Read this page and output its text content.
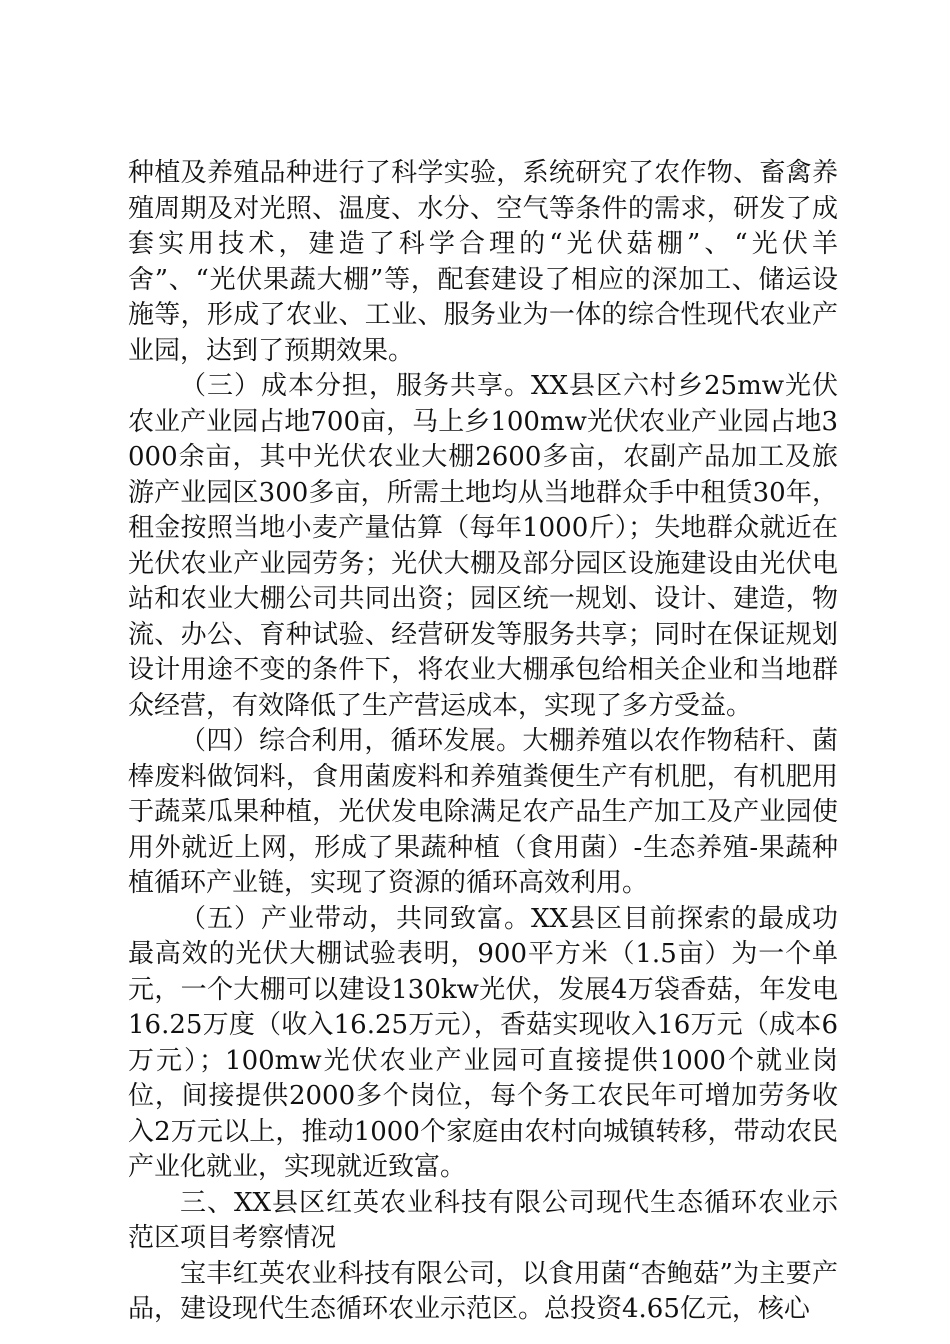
种植及养殖品种进行了科学实验，系统研究了农作物、畜禽养殖周期及对光照、温度、水分、空气等条件的需求，研发了成套实用技术，建造了科学合理的“光伏菇棚”、“光伏羊舍”、“光伏果蔬大棚”等，配套建设了相应的深加工、储运设施等，形成了农业、工业、服务业为一体的综合性现代农业产业园，达到了预期效果。

（三）成本分担，服务共享。XX县区六村乡25mw光伏农业产业园占地700亩，马上乡100mw光伏农业产业园占地3000余亩，其中光伏农业大棚2600多亩，农副产品加工及旅游产业园区300多亩，所需土地均从当地群众手中租赁30年，租金按照当地小麦产量估算（每年1000斤）；失地群众就近在光伏农业产业园劳务；光伏大棚及部分园区设施建设由光伏电站和农业大棚公司共同出资；园区统一规划、设计、建造，物流、办公、育种试验、经营研发等服务共享；同时在保证规划设计用途不变的条件下，将农业大棚承包给相关企业和当地群众经营，有效降低了生产营运成本，实现了多方受益。

（四）综合利用，循环发展。大棚养殖以农作物秸秆、菌棒废料做饲料，食用菌废料和养殖粪便生产有机肥，有机肥用于蔬菜瓜果种植，光伏发电除满足农产品生产加工及产业园使用外就近上网，形成了果蔬种植（食用菌）-生态养殖-果蔬种植循环产业链，实现了资源的循环高效利用。

（五）产业带动，共同致富。XX县区目前探索的最成功最高效的光伏大棚试验表明，900平方米（1.5亩）为一个单元，一个大棚可以建设130kw光伏，发展4万袋香菇，年发电16.25万度（收入16.25万元），香菇实现收入16万元（成本6万元）；100mw光伏农业产业园可直接提供1000个就业岗位，间接提供2000多个岗位，每个务工农民年可增加劳务收入2万元以上，推动1000个家庭由农村向城镇转移，带动农民产业化就业，实现就近致富。

三、XX县区红英农业科技有限公司现代生态循环农业示范区项目考察情况

宝丰红英农业科技有限公司，以食用菌“杏鲍菇”为主要产品，建设现代生态循环农业示范区。总投资4.65亿元，核心
